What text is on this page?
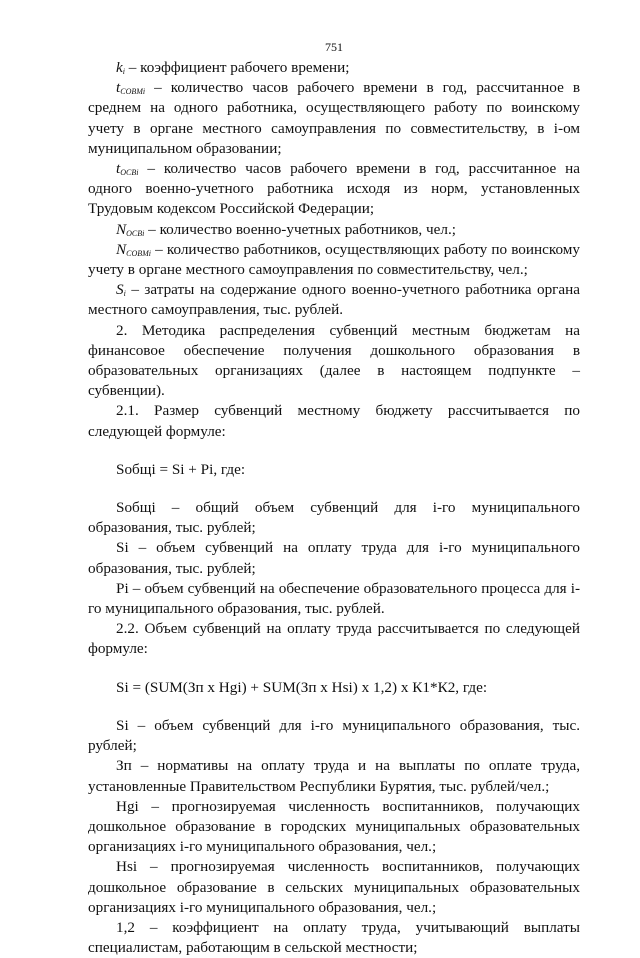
751

$k_i$ – коэффициент рабочего времени;

$t_{СОВМi}$ – количество часов рабочего времени в год, рассчитанное в среднем на одного работника, осуществляющего работу по воинскому учету в органе местного самоуправления по совместительству, в i-ом муниципальном образовании;

$t_{ОСВi}$ – количество часов рабочего времени в год, рассчитанное на одного военно-учетного работника исходя из норм, установленных Трудовым кодексом Российской Федерации;

$N_{ОСВi}$ – количество военно-учетных работников, чел.;

$N_{СОВМi}$ – количество работников, осуществляющих работу по воинскому учету в органе местного самоуправления по совместительству, чел.;

$S_i$ – затраты на содержание одного военно-учетного работника органа местного самоуправления, тыс. рублей.

2. Методика распределения субвенций местным бюджетам на финансовое обеспечение получения дошкольного образования в образовательных организациях (далее в настоящем подпункте – субвенции).

2.1. Размер субвенций местному бюджету рассчитывается по следующей формуле:

Sобщi = Si + Pi, где:

Sобщi – общий объем субвенций для i-го муниципального образования, тыс. рублей;

Si – объем субвенций на оплату труда для i-го муниципального образования, тыс. рублей;

Pi – объем субвенций на обеспечение образовательного процесса для i-го муниципального образования, тыс. рублей.

2.2. Объем субвенций на оплату труда рассчитывается по следующей формуле:

Si = (SUM(Зп x Hgi) + SUM(Зп x Hsi) x 1,2) x К1*К2, где:

Si – объем субвенций для i-го муниципального образования, тыс. рублей;

Зп – нормативы на оплату труда и на выплаты по оплате труда, установленные Правительством Республики Бурятия, тыс. рублей/чел.;

Hgi – прогнозируемая численность воспитанников, получающих дошкольное образование в городских муниципальных образовательных организациях i-го муниципального образования, чел.;

Hsi – прогнозируемая численность воспитанников, получающих дошкольное образование в сельских муниципальных образовательных организациях i-го муниципального образования, чел.;

1,2 – коэффициент на оплату труда, учитывающий выплаты специалистам, работающим в сельской местности;
